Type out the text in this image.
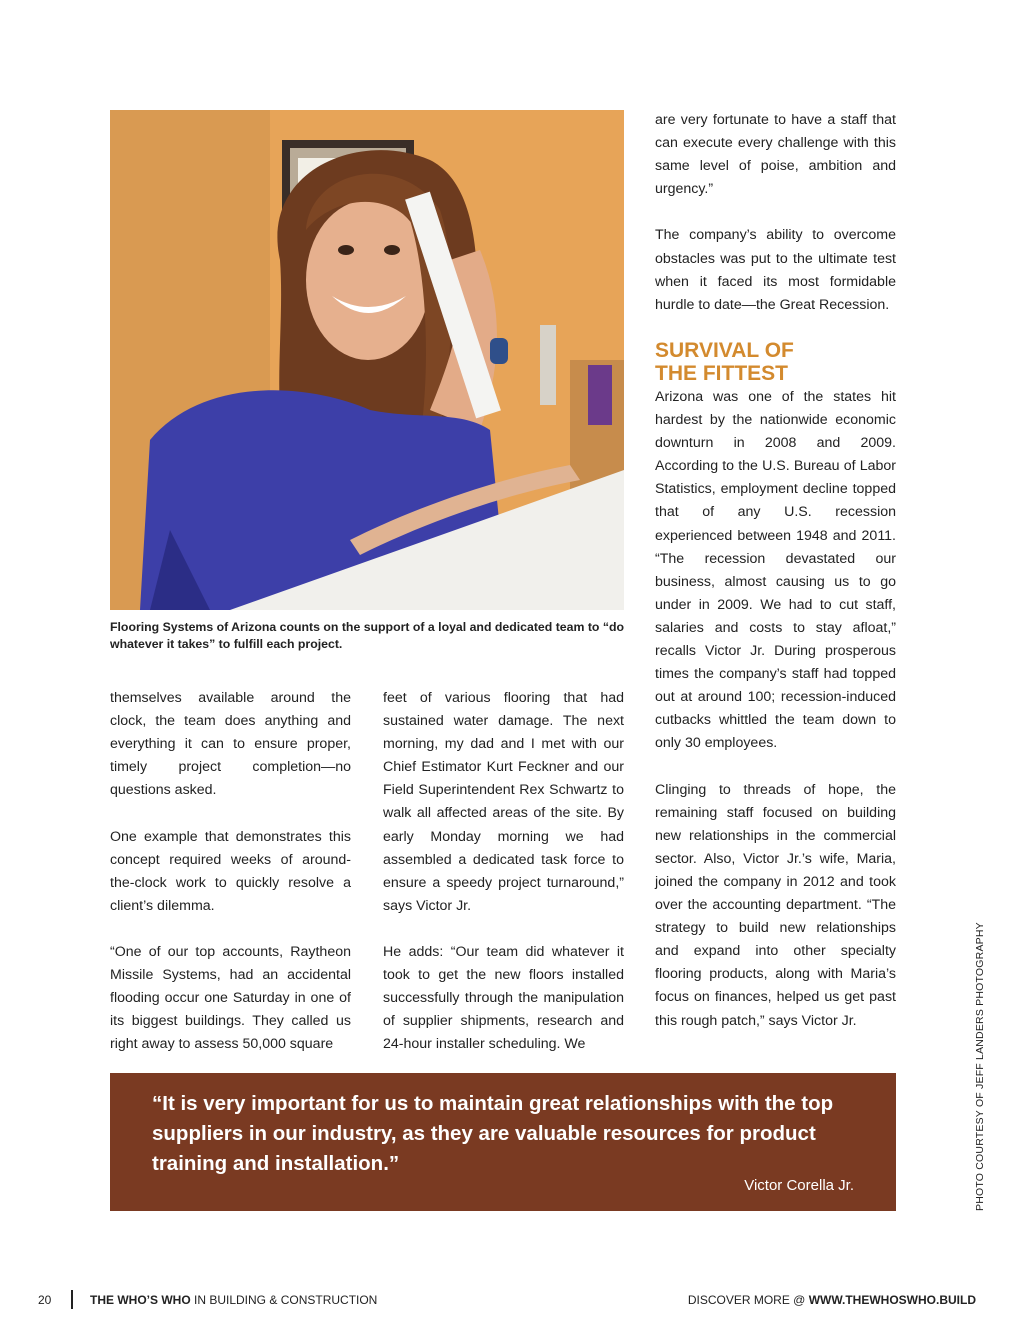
Flooring Systems of Arizona counts on the support of a loyal and dedicated team to “do whatever it takes” to fulfill each project.

themselves available around the clock, the team does anything and everything it can to ensure proper, timely project completion—no questions asked.

One example that demonstrates this concept required weeks of around-the-clock work to quickly resolve a client’s dilemma.

“One of our top accounts, Raytheon Missile Systems, had an accidental flooding occur one Saturday in one of its biggest buildings. They called us right away to assess 50,000 square

feet of various flooring that had sustained water damage. The next morning, my dad and I met with our Chief Estimator Kurt Feckner and our Field Superintendent Rex Schwartz to walk all affected areas of the site. By early Monday morning we had assembled a dedicated task force to ensure a speedy project turnaround,” says Victor Jr.

He adds: “Our team did whatever it took to get the new floors installed successfully through the manipulation of supplier shipments, research and 24-hour installer scheduling. We

are very fortunate to have a staff that can execute every challenge with this same level of poise, ambition and urgency.”

The company’s ability to overcome obstacles was put to the ultimate test when it faced its most formidable hurdle to date—the Great Recession.

SURVIVAL OF
THE FITTEST

Arizona was one of the states hit hardest by the nationwide economic downturn in 2008 and 2009. According to the U.S. Bureau of Labor Statistics, employment decline topped that of any U.S. recession experienced between 1948 and 2011. “The recession devastated our business, almost causing us to go under in 2009. We had to cut staff, salaries and costs to stay afloat,” recalls Victor Jr. During prosperous times the company’s staff had topped out at around 100; recession-induced cutbacks whittled the team down to only 30 employees.

Clinging to threads of hope, the remaining staff focused on building new relationships in the commercial sector. Also, Victor Jr.’s wife, Maria, joined the company in 2012 and took over the accounting department. “The strategy to build new relationships and expand into other specialty flooring products, along with Maria’s focus on finances, helped us get past this rough patch,” says Victor Jr.

“It is very important for us to maintain great relationships with the top suppliers in our industry, as they are valuable resources for product training and installation.”
Victor Corella Jr.	PHOTO COURTESY OF JEFF LANDERS PHOTOGRAPHY
20	THE WHO’S WHO IN BUILDING & CONSTRUCTION	DISCOVER MORE @ WWW.THEWHOSWHO.BUILD
